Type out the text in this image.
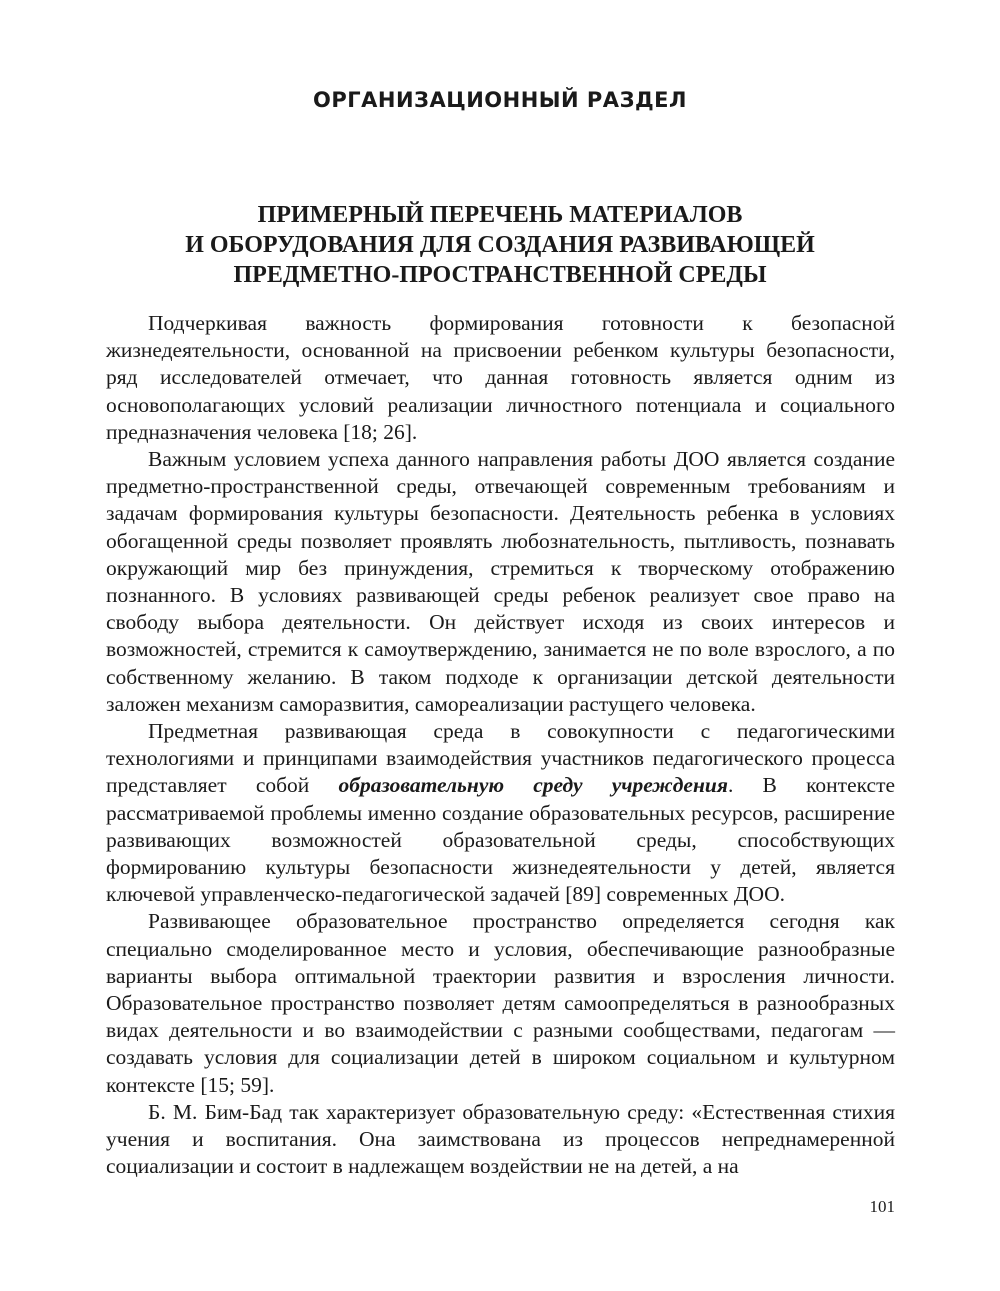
ОРГАНИЗАЦИОННЫЙ РАЗДЕЛ
ПРИМЕРНЫЙ ПЕРЕЧЕНЬ МАТЕРИАЛОВ
И ОБОРУДОВАНИЯ ДЛЯ СОЗДАНИЯ РАЗВИВАЮЩЕЙ
ПРЕДМЕТНО-ПРОСТРАНСТВЕННОЙ СРЕДЫ

Подчеркивая важность формирования готовности к безопасной жизнедеятельности, основанной на присвоении ребенком культуры безопасности, ряд исследователей отмечает, что данная готовность является одним из основополагающих условий реализации личностного потенциала и социального предназначения человека [18; 26].

Важным условием успеха данного направления работы ДОО является создание предметно-пространственной среды, отвечающей современным требованиям и задачам формирования культуры безопасности. Деятельность ребенка в условиях обогащенной среды позволяет проявлять любознательность, пытливость, познавать окружающий мир без принуждения, стремиться к творческому отображению познанного. В условиях развивающей среды ребенок реализует свое право на свободу выбора деятельности. Он действует исходя из своих интересов и возможностей, стремится к самоутверждению, занимается не по воле взрослого, а по собственному желанию. В таком подходе к организации детской деятельности заложен механизм саморазвития, самореализации растущего человека.

Предметная развивающая среда в совокупности с педагогическими технологиями и принципами взаимодействия участников педагогического процесса представляет собой образовательную среду учреждения. В контексте рассматриваемой проблемы именно создание образовательных ресурсов, расширение развивающих возможностей образовательной среды, способствующих формированию культуры безопасности жизнедеятельности у детей, является ключевой управленческо-педагогической задачей [89] современных ДОО.

Развивающее образовательное пространство определяется сегодня как специально смоделированное место и условия, обеспечивающие разнообразные варианты выбора оптимальной траектории развития и взросления личности. Образовательное пространство позволяет детям самоопределяться в разнообразных видах деятельности и во взаимодействии с разными сообществами, педагогам — создавать условия для социализации детей в широком социальном и культурном контексте [15; 59].

Б. М. Бим-Бад так характеризует образовательную среду: «Естественная стихия учения и воспитания. Она заимствована из процессов непреднамеренной социализации и состоит в надлежащем воздействии не на детей, а на

101
